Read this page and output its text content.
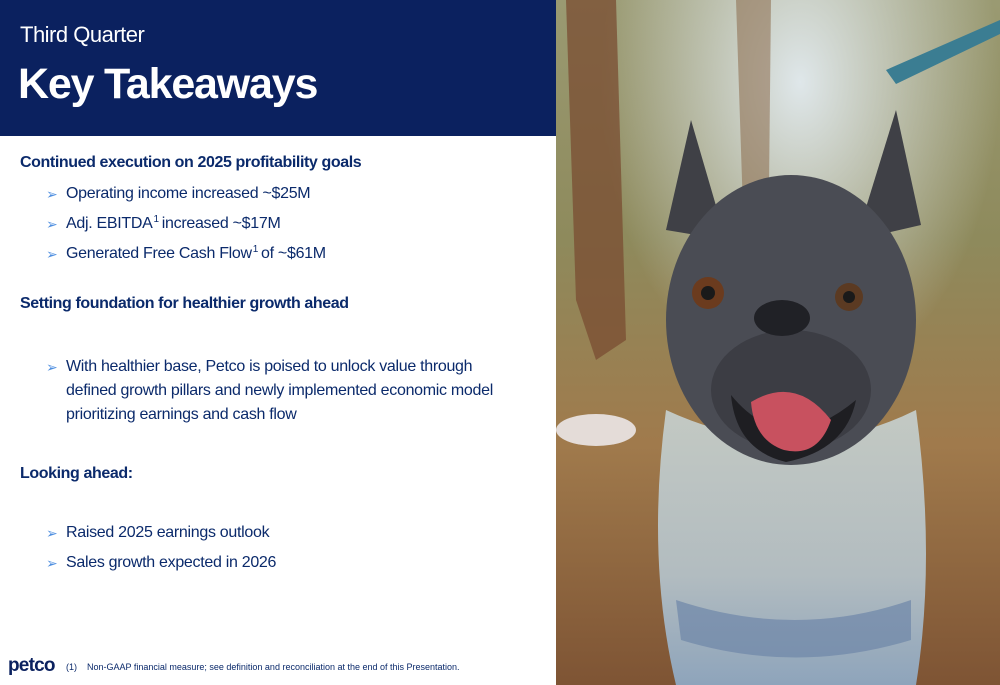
Third Quarter
Key Takeaways
Continued execution on 2025 profitability goals
➢ Operating income increased ~$25M
➢ Adj. EBITDA$^1$ increased ~$17M
➢ Generated Free Cash Flow$^1$ of ~$61M
Setting foundation for healthier growth ahead
➢ With healthier base, Petco is poised to unlock value through defined growth pillars and newly implemented economic model prioritizing earnings and cash flow
Looking ahead:
➢ Raised 2025 earnings outlook
➢ Sales growth expected in 2026
petco (1) Non-GAAP financial measure; see definition and reconciliation at the end of this Presentation.
